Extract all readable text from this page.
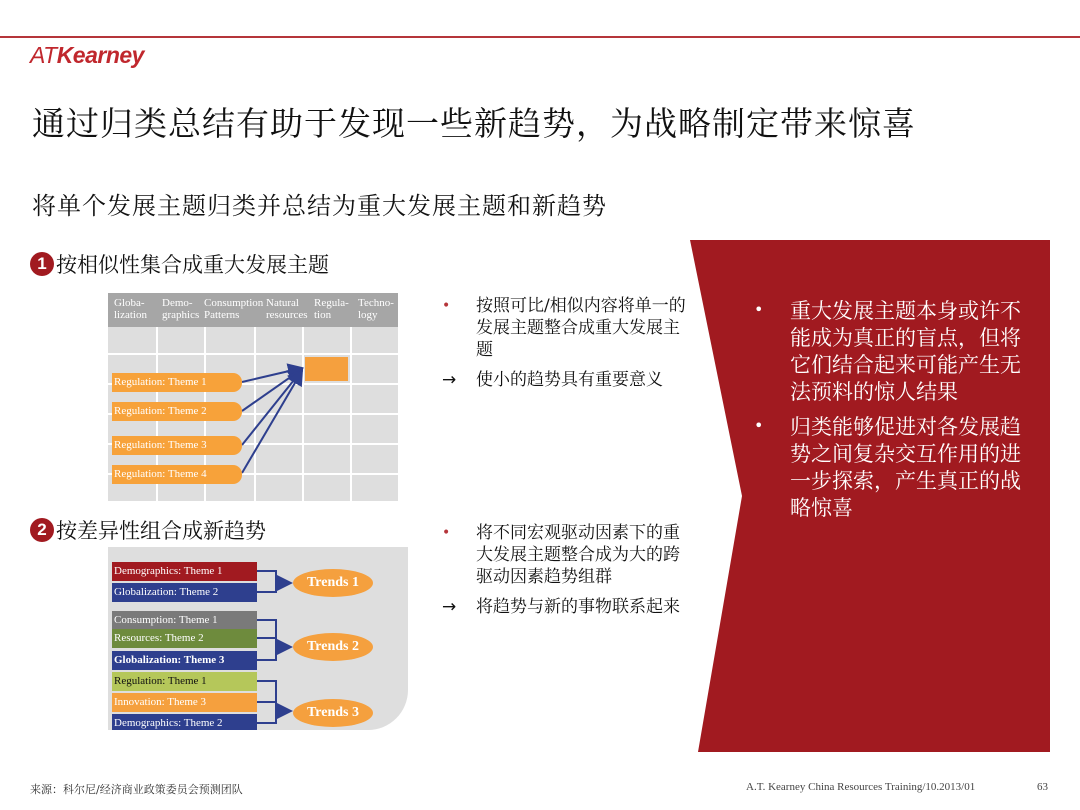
ATKearney
通过归类总结有助于发现一些新趋势，为战略制定带来惊喜
将单个发展主题归类并总结为重大发展主题和新趋势
1 按相似性集合成重大发展主题
Globa-
lization
Demo-
graphics
Consumption
Patterns
Natural
resources
Regula-
tion
Techno-
logy
Regulation: Theme 1
Regulation: Theme 2
Regulation: Theme 3
Regulation: Theme 4
• 按照可比/相似内容将单一的发展主题整合成重大发展主题
→ 使小的趋势具有重要意义
2 按差异性组合成新趋势
Demographics: Theme 1
Globalization: Theme 2
Consumption: Theme 1
Resources: Theme 2
Globalization: Theme 3
Regulation: Theme 1
Innovation: Theme 3
Demographics: Theme 2
Trends 1
Trends 2
Trends 3
• 将不同宏观驱动因素下的重大发展主题整合成为大的跨驱动因素趋势组群
→ 将趋势与新的事物联系起来
• 重大发展主题本身或许不能成为真正的盲点，但将它们结合起来可能产生无法预料的惊人结果
• 归类能够促进对各发展趋势之间复杂交互作用的进一步探索，产生真正的战略惊喜
来源：科尔尼/经济商业政策委员会预测团队	A.T. Kearney China Resources Training/10.2013/01	63
